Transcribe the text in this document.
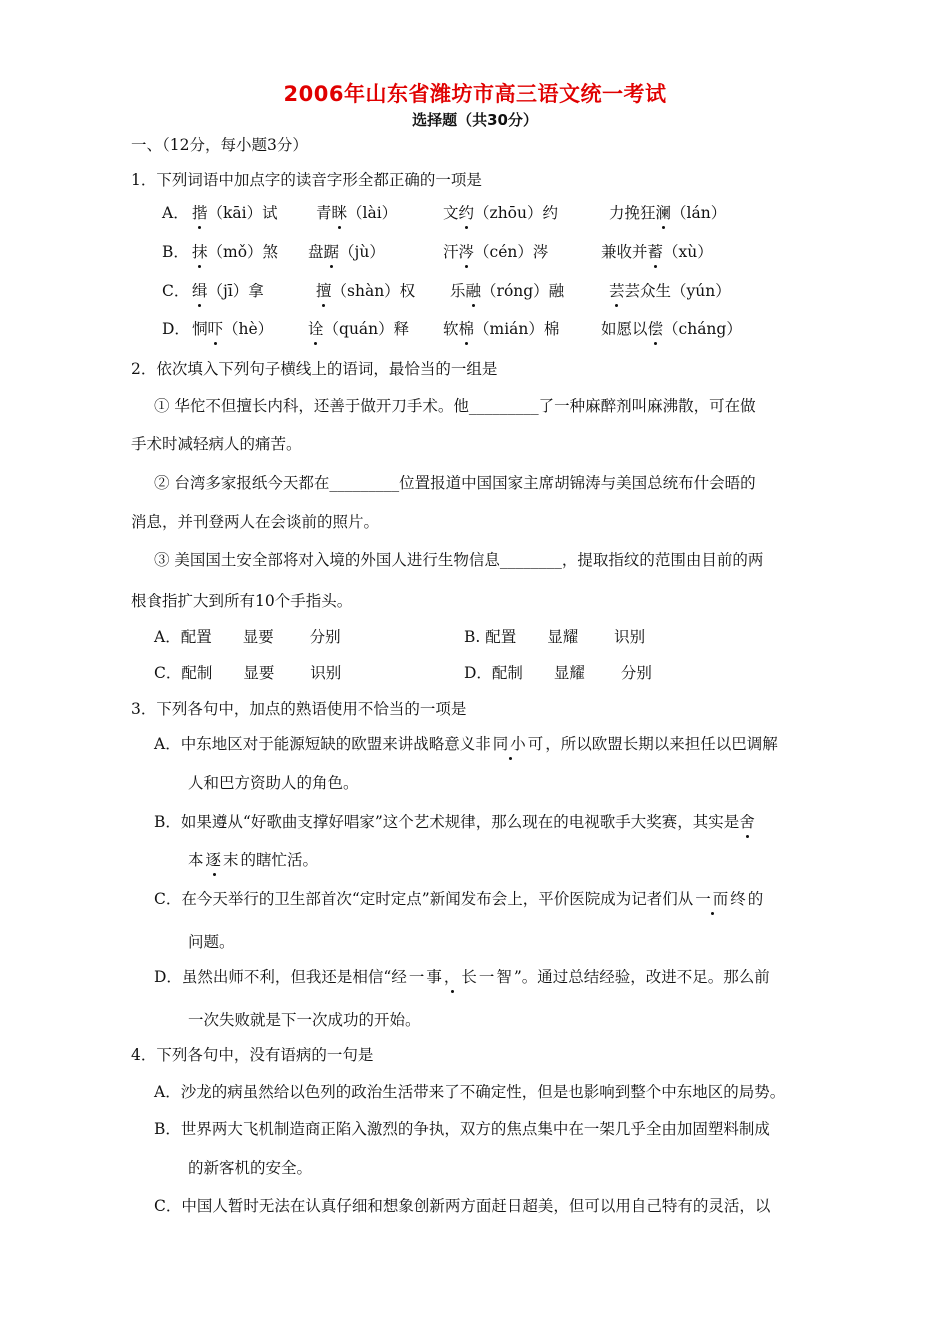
2006年山东省潍坊市高三语文统一考试
选择题（共30分）
一、（12分，每小题3分）
1．下列词语中加点字的读音字形全都正确的一项是
A． 揩（kāi）试 青眯（lài）	文约（zhōu）约	力挽狂澜（lán）
B． 抹（mǒ）煞 盘踞（jù）	汗涔（cén）涔	兼收并蓄（xù）
C． 缉（jī）拿	擅（shàn）权 乐融（róng）融	芸芸众生（yún）
D． 恫吓（hè） 诠（quán）释 软棉（mián）棉	如愿以偿（cháng）
2．依次填入下列句子横线上的语词，最恰当的一组是
① 华佗不但擅长内科，还善于做开刀手术。他_________了一种麻醉剂叫麻沸散，可在做
手术时减轻病人的痛苦。
② 台湾多家报纸今天都在_________位置报道中国国家主席胡锦涛与美国总统布什会晤的
消息，并刊登两人在会谈前的照片。
③ 美国国土安全部将对入境的外国人进行生物信息________，提取指纹的范围由目前的两
根食指扩大到所有10个手指头。
A．配置　　显要　　 分别	B. 配置　　显耀　　 识别
C．配制　　显要　　 识别	D．配制　　显耀　　 分别
3．下列各句中，加点的熟语使用不恰当的一项是
A．中东地区对于能源短缺的欧盟来讲战略意义非同小可，所以欧盟长期以来担任以巴调解
人和巴方资助人的角色。
B．如果遵从“好歌曲支撑好唱家”这个艺术规律，那么现在的电视歌手大奖赛，其实是舍
本逐末的瞎忙活。
C．在今天举行的卫生部首次“定时定点”新闻发布会上，平价医院成为记者们从一而终的
问题。
D．虽然出师不利，但我还是相信“经一事，长一智”。通过总结经验，改进不足。那么前
一次失败就是下一次成功的开始。
4．下列各句中，没有语病的一句是
A．沙龙的病虽然给以色列的政治生活带来了不确定性，但是也影响到整个中东地区的局势。
B．世界两大飞机制造商正陷入激烈的争执，双方的焦点集中在一架几乎全由加固塑料制成
的新客机的安全。
C．中国人暂时无法在认真仔细和想象创新两方面赶日超美，但可以用自己特有的灵活，以
